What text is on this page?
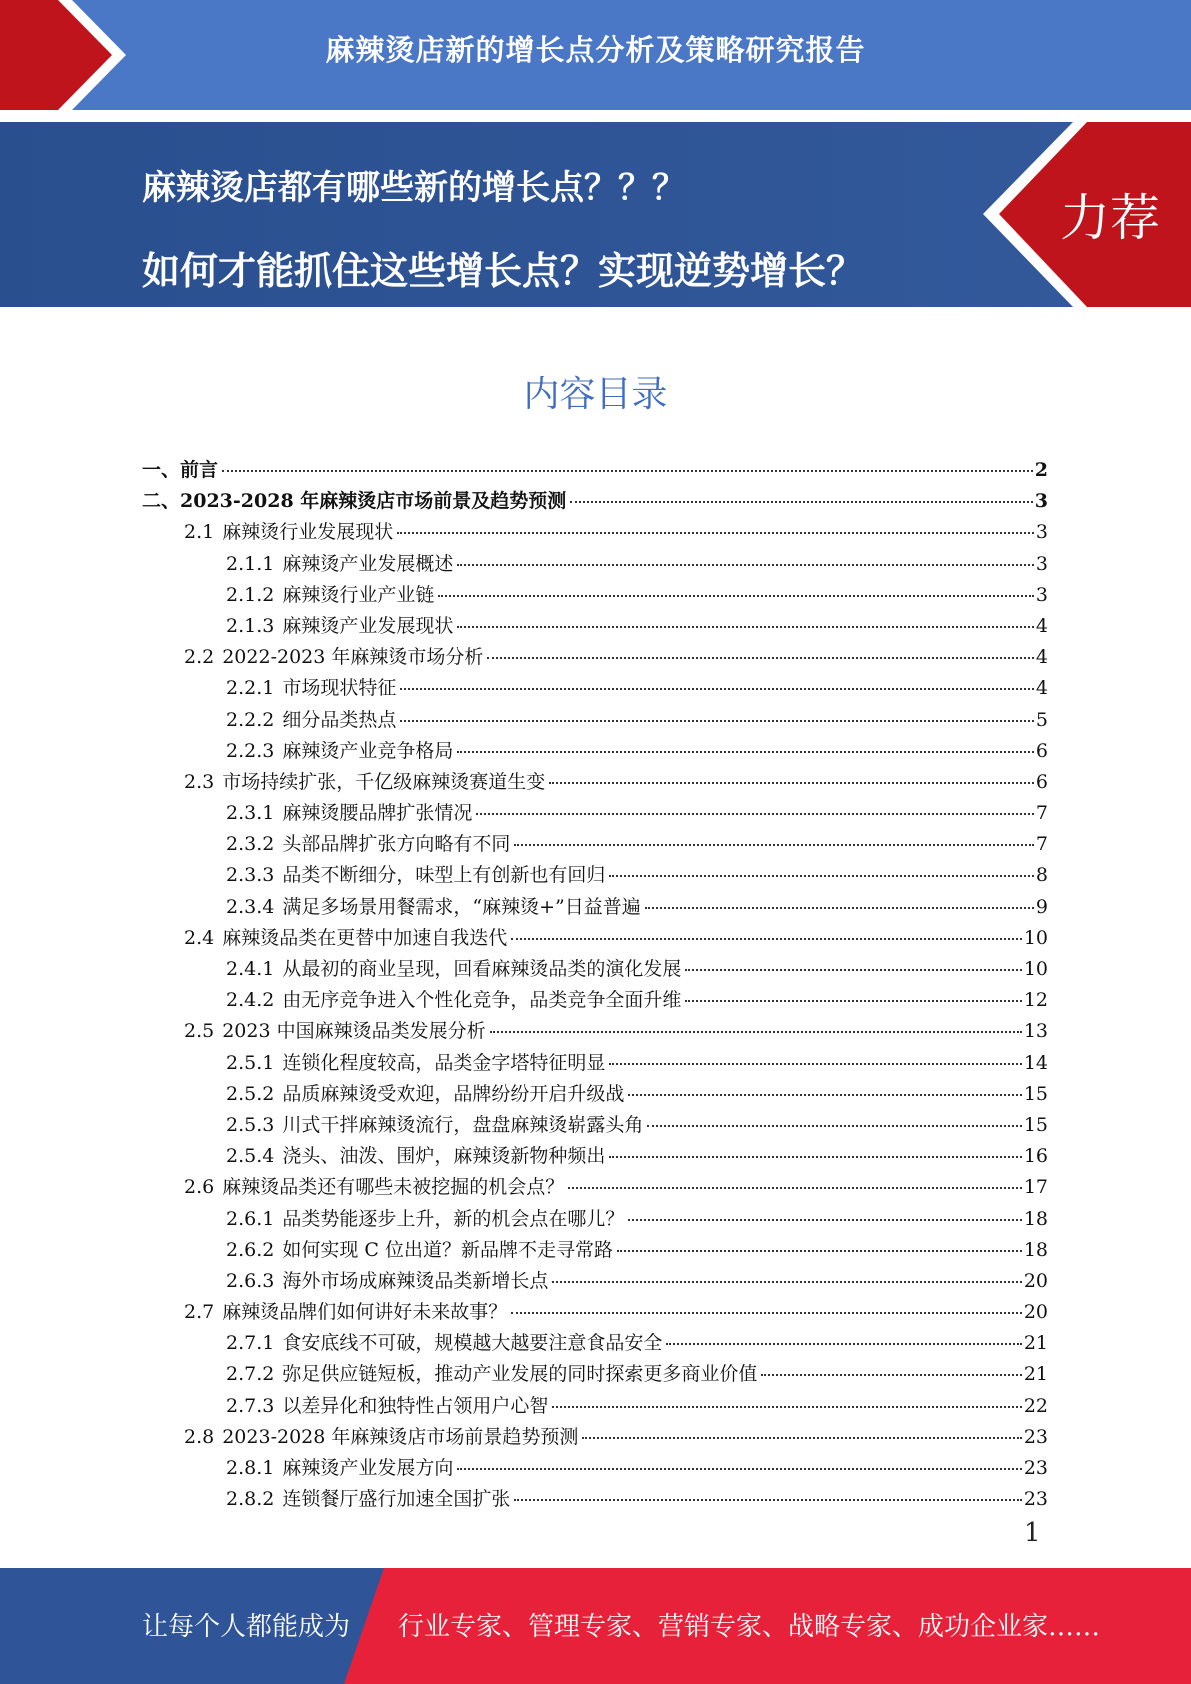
麻辣烫店新的增长点分析及策略研究报告
麻辣烫店都有哪些新的增长点？？？
如何才能抓住这些增长点？实现逆势增长？
力荐
内容目录
一、 前言	2
二、 2023-2028 年麻辣烫店市场前景及趋势预测	3
2.1 麻辣烫行业发展现状	3
2.1.1 麻辣烫产业发展概述	3
2.1.2 麻辣烫行业产业链	3
2.1.3 麻辣烫产业发展现状	4
2.2 2022-2023 年麻辣烫市场分析	4
2.2.1 市场现状特征	4
2.2.2 细分品类热点	5
2.2.3 麻辣烫产业竞争格局	6
2.3 市场持续扩张，千亿级麻辣烫赛道生变	6
2.3.1 麻辣烫腰品牌扩张情况	7
2.3.2 头部品牌扩张方向略有不同	7
2.3.3 品类不断细分，味型上有创新也有回归	8
2.3.4 满足多场景用餐需求，“麻辣烫+”日益普遍	9
2.4 麻辣烫品类在更替中加速自我迭代	10
2.4.1 从最初的商业呈现，回看麻辣烫品类的演化发展	10
2.4.2 由无序竞争进入个性化竞争，品类竞争全面升维	12
2.5 2023 中国麻辣烫品类发展分析	13
2.5.1 连锁化程度较高，品类金字塔特征明显	14
2.5.2 品质麻辣烫受欢迎，品牌纷纷开启升级战	15
2.5.3 川式干拌麻辣烫流行，盘盘麻辣烫崭露头角	15
2.5.4 浇头、油泼、围炉，麻辣烫新物种频出	16
2.6 麻辣烫品类还有哪些未被挖掘的机会点？	17
2.6.1 品类势能逐步上升，新的机会点在哪儿？	18
2.6.2 如何实现 C 位出道？新品牌不走寻常路	18
2.6.3 海外市场成麻辣烫品类新增长点	20
2.7 麻辣烫品牌们如何讲好未来故事？	20
2.7.1 食安底线不可破，规模越大越要注意食品安全	21
2.7.2 弥足供应链短板，推动产业发展的同时探索更多商业价值	21
2.7.3 以差异化和独特性占领用户心智	22
2.8 2023-2028 年麻辣烫店市场前景趋势预测	23
2.8.1 麻辣烫产业发展方向	23
2.8.2 连锁餐厅盛行加速全国扩张	23
1
让每个人都能成为 行业专家、管理专家、营销专家、战略专家、成功企业家……
